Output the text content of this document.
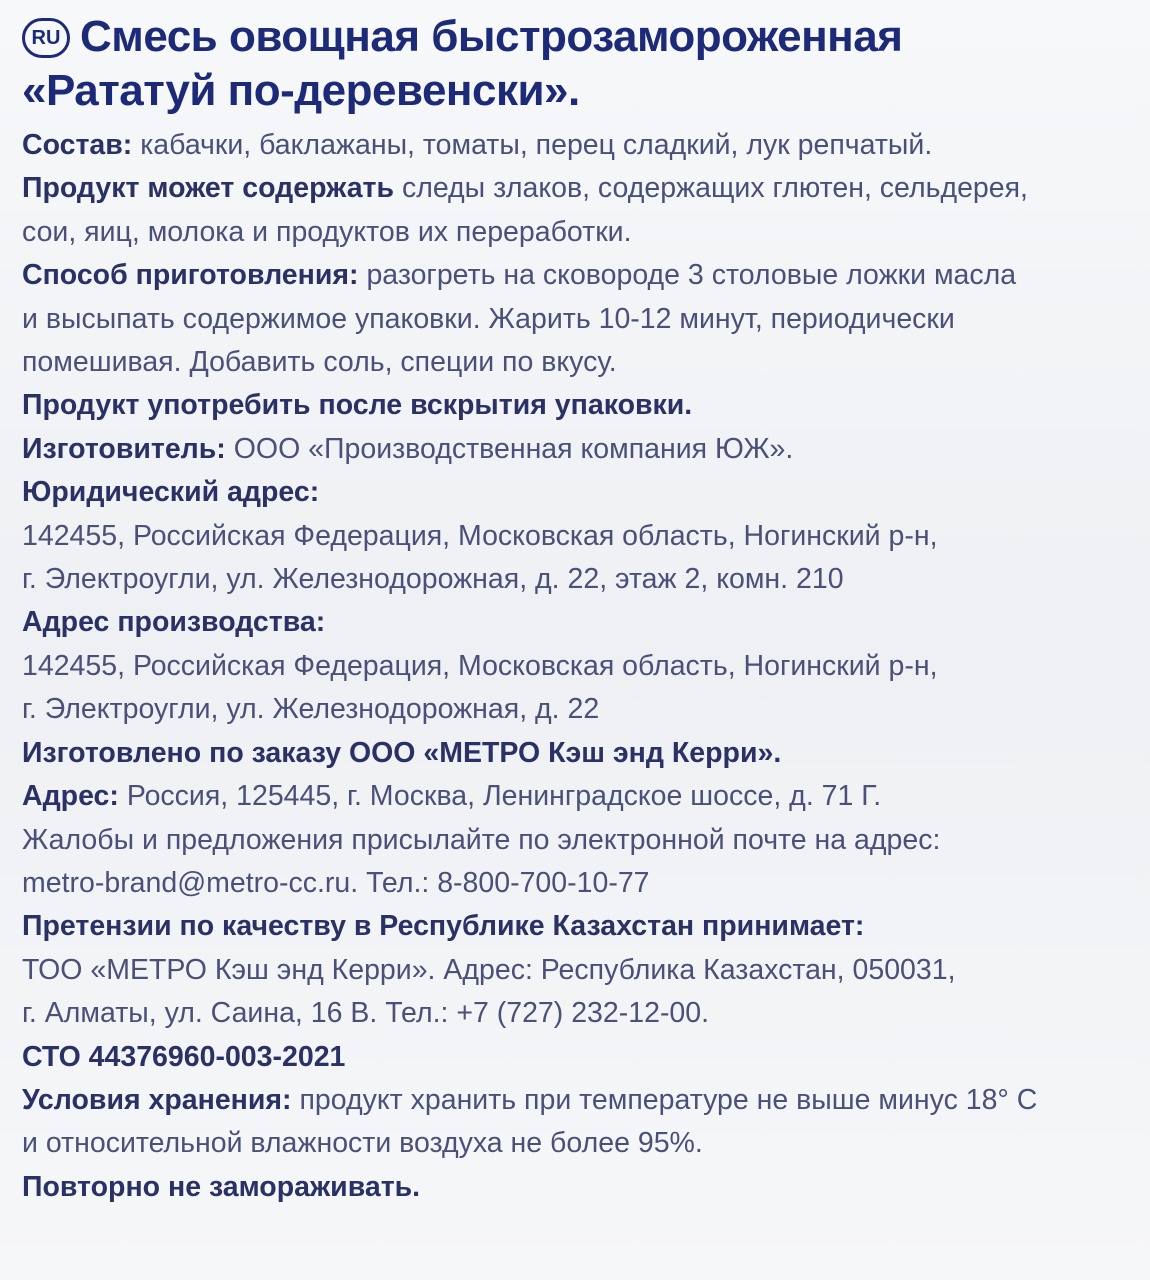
RU Смесь овощная быстрозамороженная
«Рататуй по-деревенски».
Состав: кабачки, баклажаны, томаты, перец сладкий, лук репчатый.
Продукт может содержать следы злаков, содержащих глютен, сельдерея,
сои, яиц, молока и продуктов их переработки.
Способ приготовления: разогреть на сковороде 3 столовые ложки масла
и высыпать содержимое упаковки. Жарить 10-12 минут, периодически
помешивая. Добавить соль, специи по вкусу.
Продукт употребить после вскрытия упаковки.
Изготовитель: ООО «Производственная компания ЮЖ».
Юридический адрес:
142455, Российская Федерация, Московская область, Ногинский р-н,
г. Электроугли, ул. Железнодорожная, д. 22, этаж 2, комн. 210
Адрес производства:
142455, Российская Федерация, Московская область, Ногинский р-н,
г. Электроугли, ул. Железнодорожная, д. 22
Изготовлено по заказу ООО «МЕТРО Кэш энд Керри».
Адрес: Россия, 125445, г. Москва, Ленинградское шоссе, д. 71 Г.
Жалобы и предложения присылайте по электронной почте на адрес:
metro-brand@metro-cc.ru. Тел.: 8-800-700-10-77
Претензии по качеству в Республике Казахстан принимает:
ТОО «МЕТРО Кэш энд Керри». Адрес: Республика Казахстан, 050031,
г. Алматы, ул. Саина, 16 В. Тел.: +7 (727) 232-12-00.
СТО 44376960-003-2021
Условия хранения: продукт хранить при температуре не выше минус 18° С
и относительной влажности воздуха не более 95%.
Повторно не замораживать.
